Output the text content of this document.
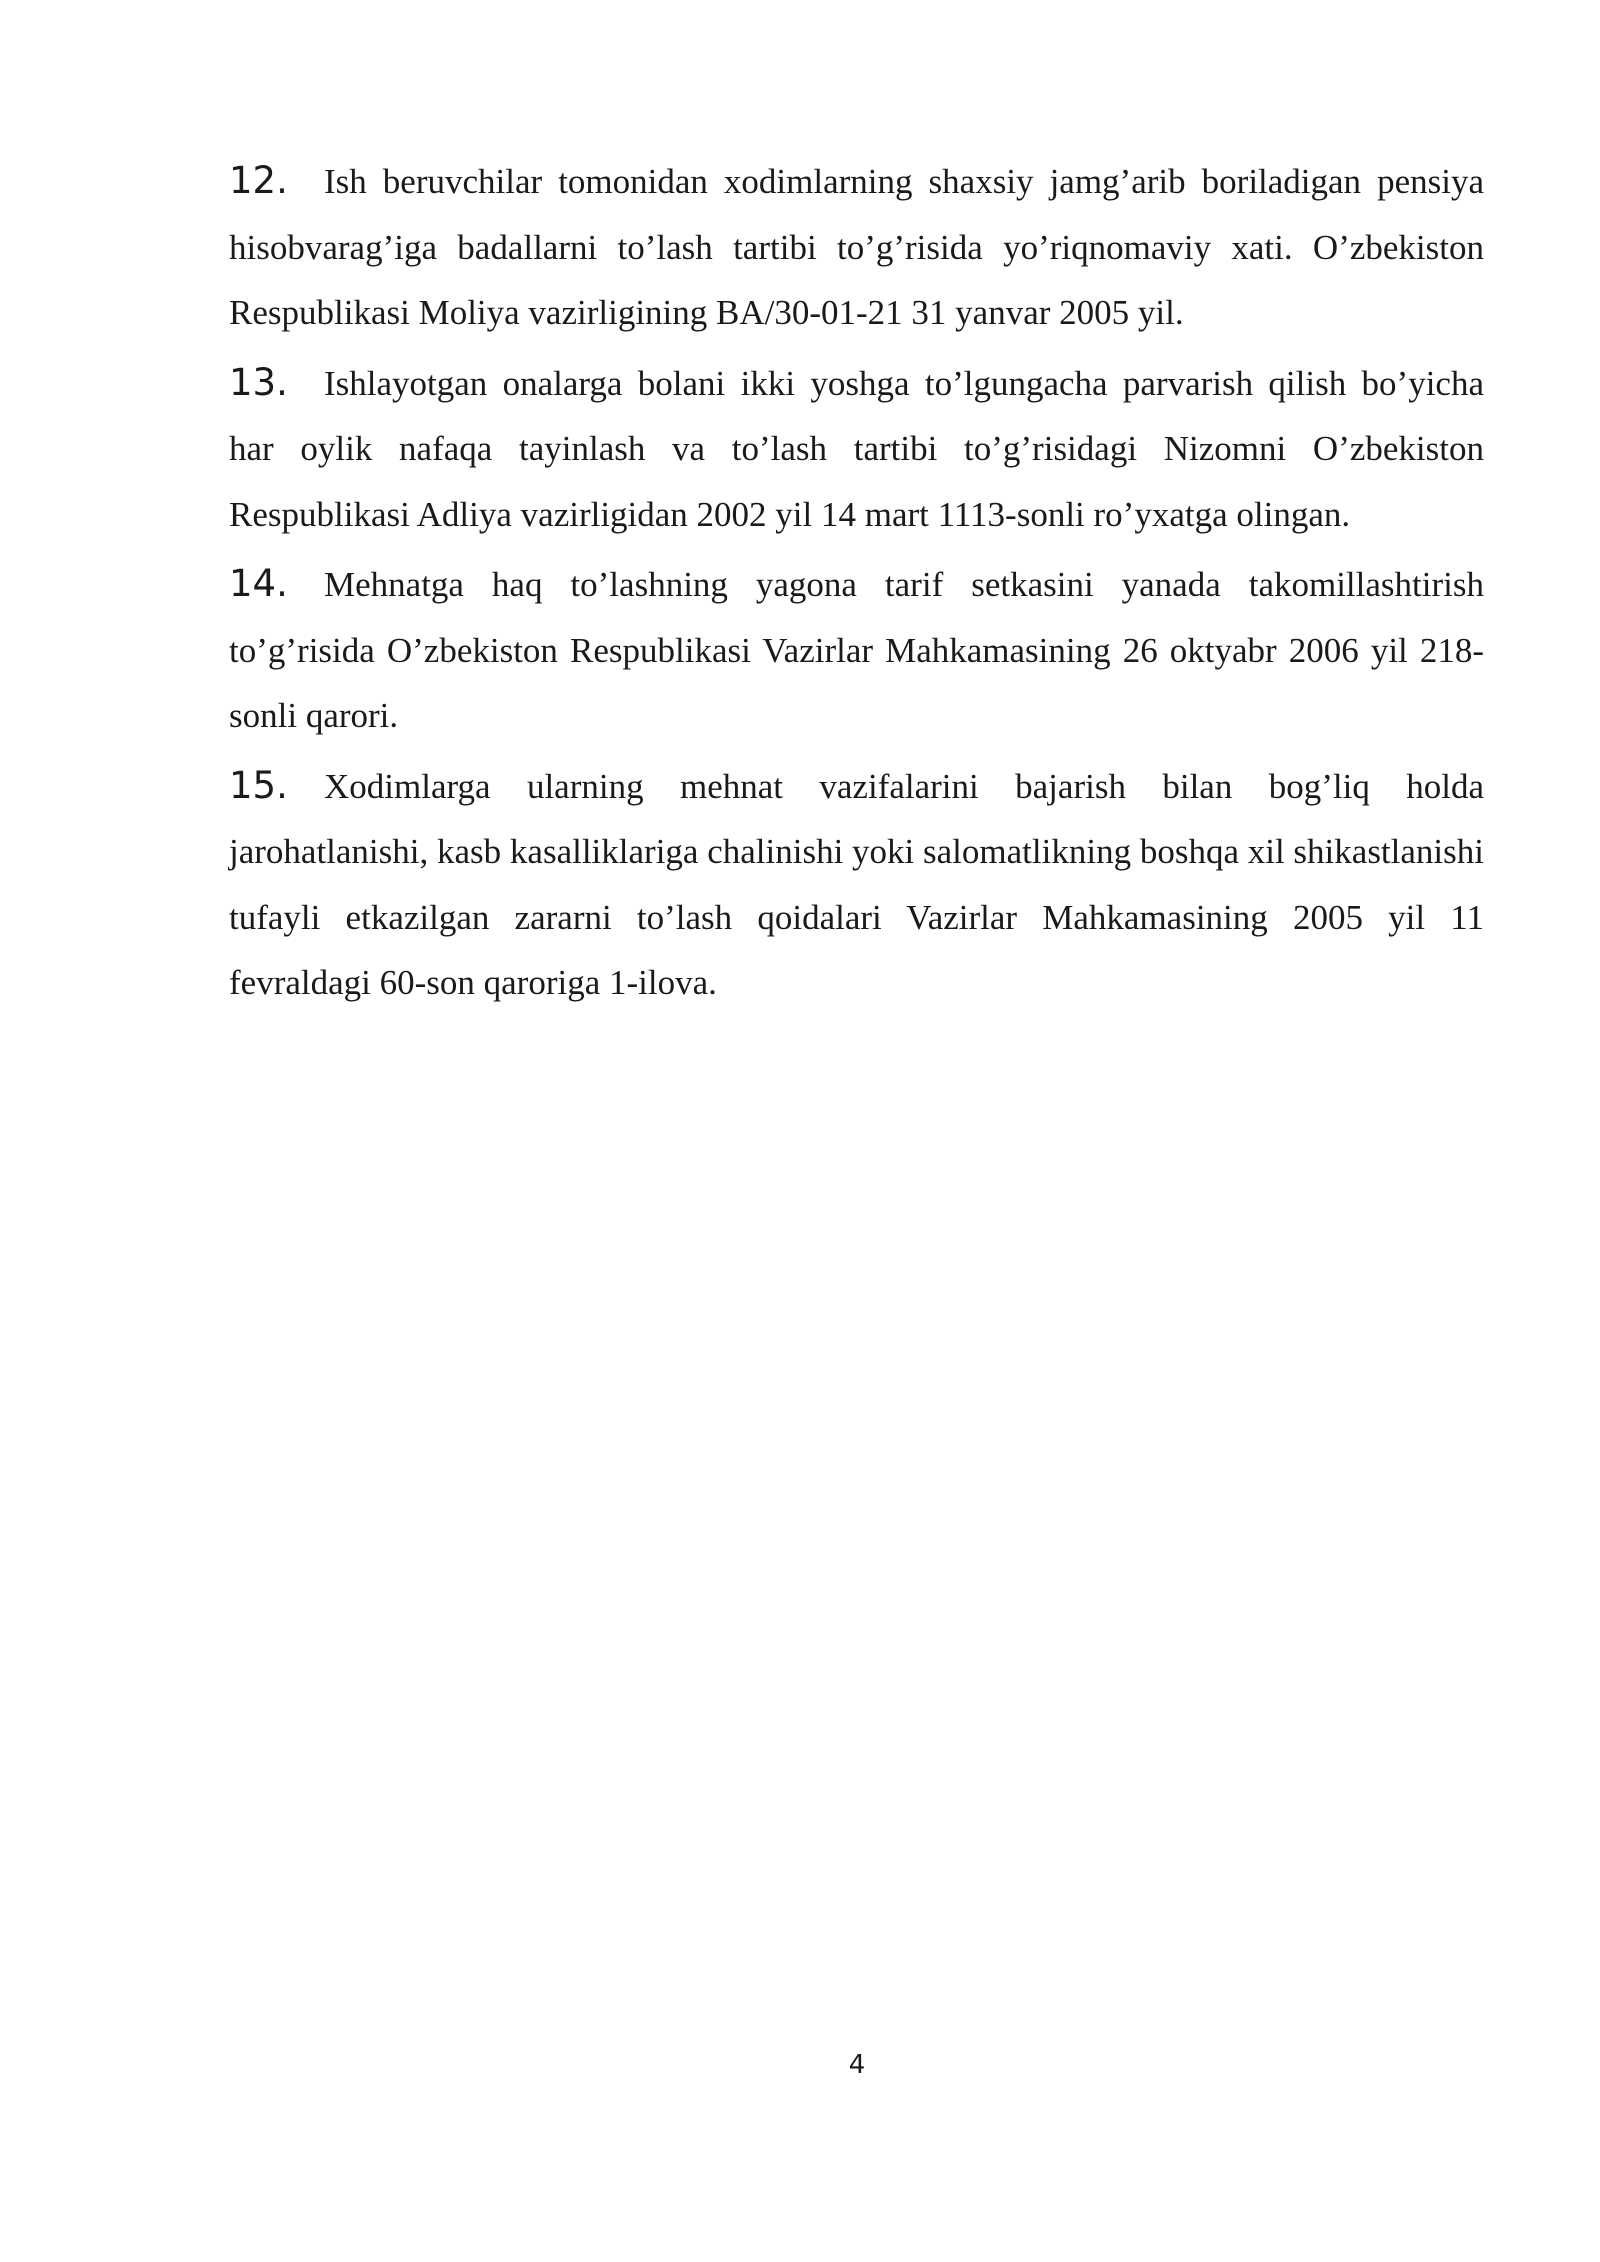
12. Ish beruvchilar tomonidan xodimlarning shaxsiy jamg’arib boriladigan pensiya hisobvarag’iga badallarni to’lash tartibi to’g’risida yo’riqnomaviy xati. O’zbekiston Respublikasi Moliya vazirligining BA/30-01-21 31 yanvar 2005 yil.

13. Ishlayotgan onalarga bolani ikki yoshga to’lgungacha parvarish qilish bo’yicha har oylik nafaqa tayinlash va to’lash tartibi to’g’risidagi Nizomni O’zbekiston Respublikasi Adliya vazirligidan 2002 yil 14 mart 1113-sonli ro’yxatga olingan.

14. Mehnatga haq to’lashning yagona tarif setkasini yanada takomillashtirish to’g’risida O’zbekiston Respublikasi Vazirlar Mahkamasining 26 oktyabr 2006 yil 218-sonli qarori.

15. Xodimlarga ularning mehnat vazifalarini bajarish bilan bog’liq holda jarohatlanishi, kasb kasalliklariga chalinishi yoki salomatlikning boshqa xil shikastlanishi tufayli etkazilgan zararni to’lash qoidalari Vazirlar Mahkamasining 2005 yil 11 fevraldagi 60-son qaroriga 1-ilova.

4
